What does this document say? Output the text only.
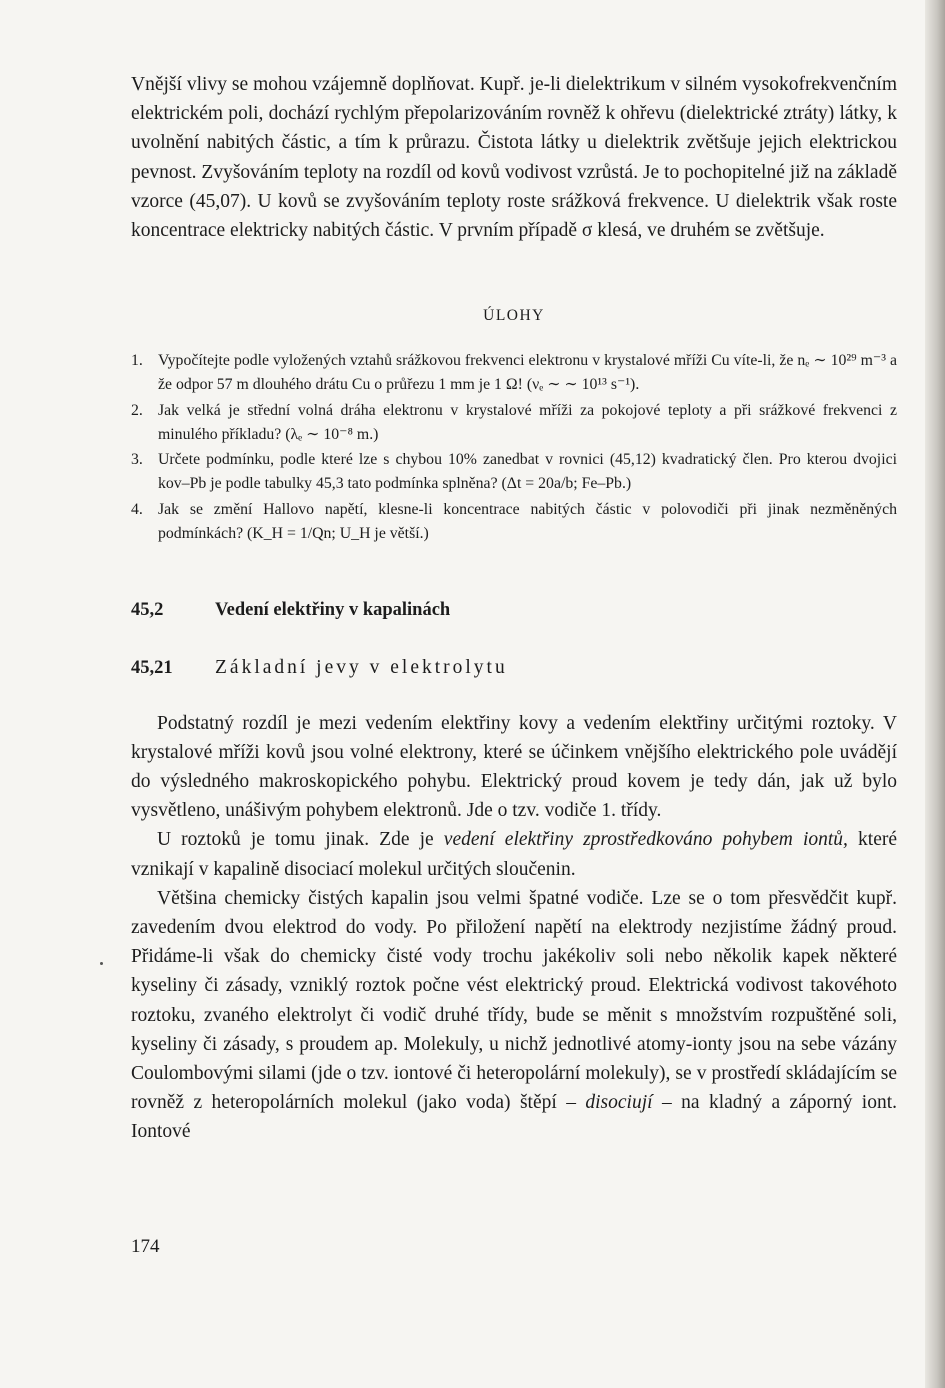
Vnější vlivy se mohou vzájemně doplňovat. Kupř. je-li dielektrikum v silném vysokofrekvenčním elektrickém poli, dochází rychlým přepolarizováním rovněž k ohřevu (dielektrické ztráty) látky, k uvolnění nabitých částic, a tím k průrazu. Čistota látky u dielektrik zvětšuje jejich elektrickou pevnost. Zvyšováním teploty na rozdíl od kovů vodivost vzrůstá. Je to pochopitelné již na základě vzorce (45,07). U kovů se zvyšováním teploty roste srážková frekvence. U dielektrik však roste koncentrace elektricky nabitých částic. V prvním případě σ klesá, ve druhém se zvětšuje.

ÚLOHY
1. Vypočítejte podle vyložených vztahů srážkovou frekvenci elektronu v krystalové mříži Cu víte-li, že nₑ ∼ 10²⁹ m⁻³ a že odpor 57 m dlouhého drátu Cu o průřezu 1 mm je 1 Ω! (νₑ ∼ ∼ 10¹³ s⁻¹).
2. Jak velká je střední volná dráha elektronu v krystalové mříži za pokojové teploty a při srážkové frekvenci z minulého příkladu? (λₑ ∼ 10⁻⁸ m.)
3. Určete podmínku, podle které lze s chybou 10% zanedbat v rovnici (45,12) kvadratický člen. Pro kterou dvojici kov–Pb je podle tabulky 45,3 tato podmínka splněna? (Δt = 20a/b; Fe–Pb.)
4. Jak se změní Hallovo napětí, klesne-li koncentrace nabitých částic v polovodiči při jinak nezměněných podmínkách? (K_H = 1/Qn; U_H je větší.)
45,2	Vedení elektřiny v kapalinách
45,21	Základní jevy v elektrolytu

Podstatný rozdíl je mezi vedením elektřiny kovy a vedením elektřiny určitými roztoky. V krystalové mříži kovů jsou volné elektrony, které se účinkem vnějšího elektrického pole uvádějí do výsledného makroskopického pohybu. Elektrický proud kovem je tedy dán, jak už bylo vysvětleno, unášivým pohybem elektronů. Jde o tzv. vodiče 1. třídy.

U roztoků je tomu jinak. Zde je vedení elektřiny zprostředkováno pohybem iontů, které vznikají v kapalině disociací molekul určitých sloučenin.

Většina chemicky čistých kapalin jsou velmi špatné vodiče. Lze se o tom přesvědčit kupř. zavedením dvou elektrod do vody. Po přiložení napětí na elektrody nezjistíme žádný proud. Přidáme-li však do chemicky čisté vody trochu jakékoliv soli nebo několik kapek některé kyseliny či zásady, vzniklý roztok počne vést elektrický proud. Elektrická vodivost takovéhoto roztoku, zvaného elektrolyt či vodič druhé třídy, bude se měnit s množstvím rozpuštěné soli, kyseliny či zásady, s proudem ap. Molekuly, u nichž jednotlivé atomy-ionty jsou na sebe vázány Coulombovými silami (jde o tzv. iontové či heteropolární molekuly), se v prostředí skládajícím se rovněž z heteropolárních molekul (jako voda) štěpí – disociují – na kladný a záporný iont. Iontové

174
